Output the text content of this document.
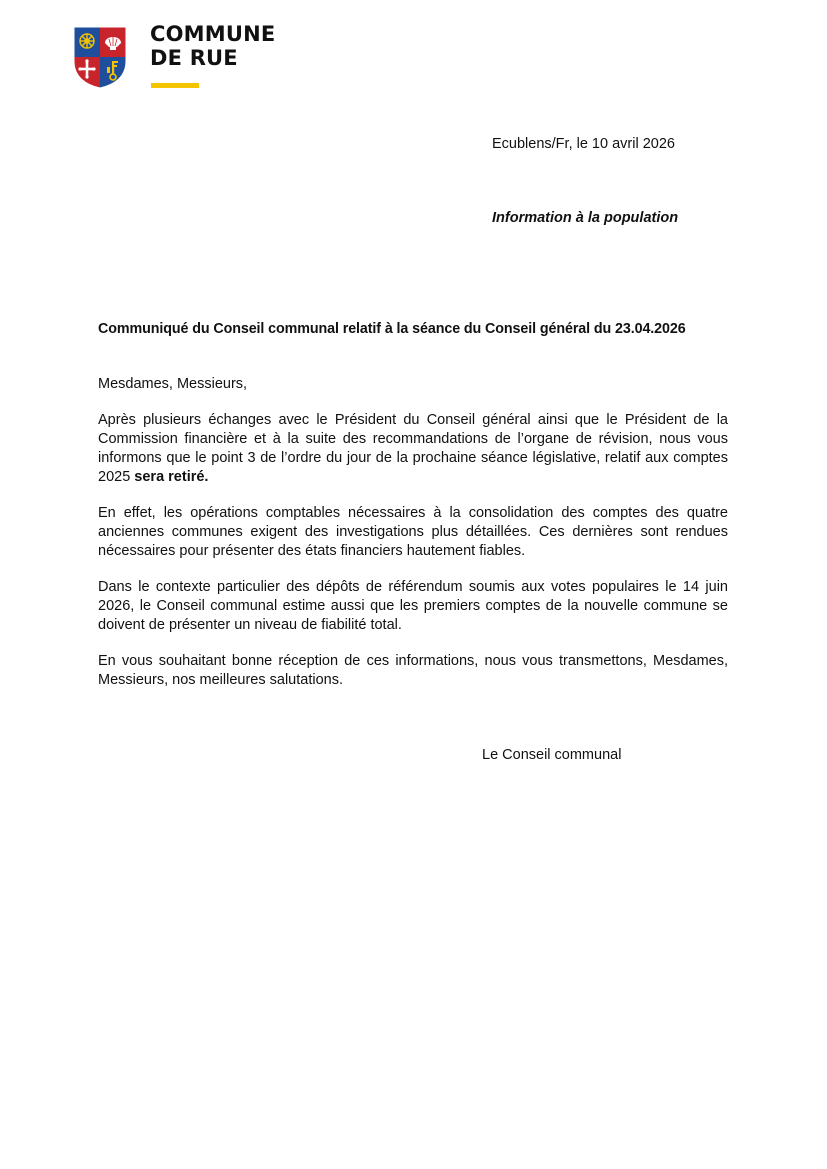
COMMUNE
DE RUE
Ecublens/Fr, le 10 avril 2026
Information à la population

Communiqué du Conseil communal relatif à la séance du Conseil général du 23.04.2026

Mesdames, Messieurs,

Après plusieurs échanges avec le Président du Conseil général ainsi que le Président de la Commission financière et à la suite des recommandations de l’organe de révision, nous vous informons que le point 3 de l’ordre du jour de la prochaine séance législative, relatif aux comptes 2025 sera retiré.

En effet, les opérations comptables nécessaires à la consolidation des comptes des quatre anciennes communes exigent des investigations plus détaillées. Ces dernières sont rendues nécessaires pour présenter des états financiers hautement fiables.

Dans le contexte particulier des dépôts de référendum soumis aux votes populaires le 14 juin 2026, le Conseil communal estime aussi que les premiers comptes de la nouvelle commune se doivent de présenter un niveau de fiabilité total.

En vous souhaitant bonne réception de ces informations, nous vous transmettons, Mesdames, Messieurs, nos meilleures salutations.

Le Conseil communal
